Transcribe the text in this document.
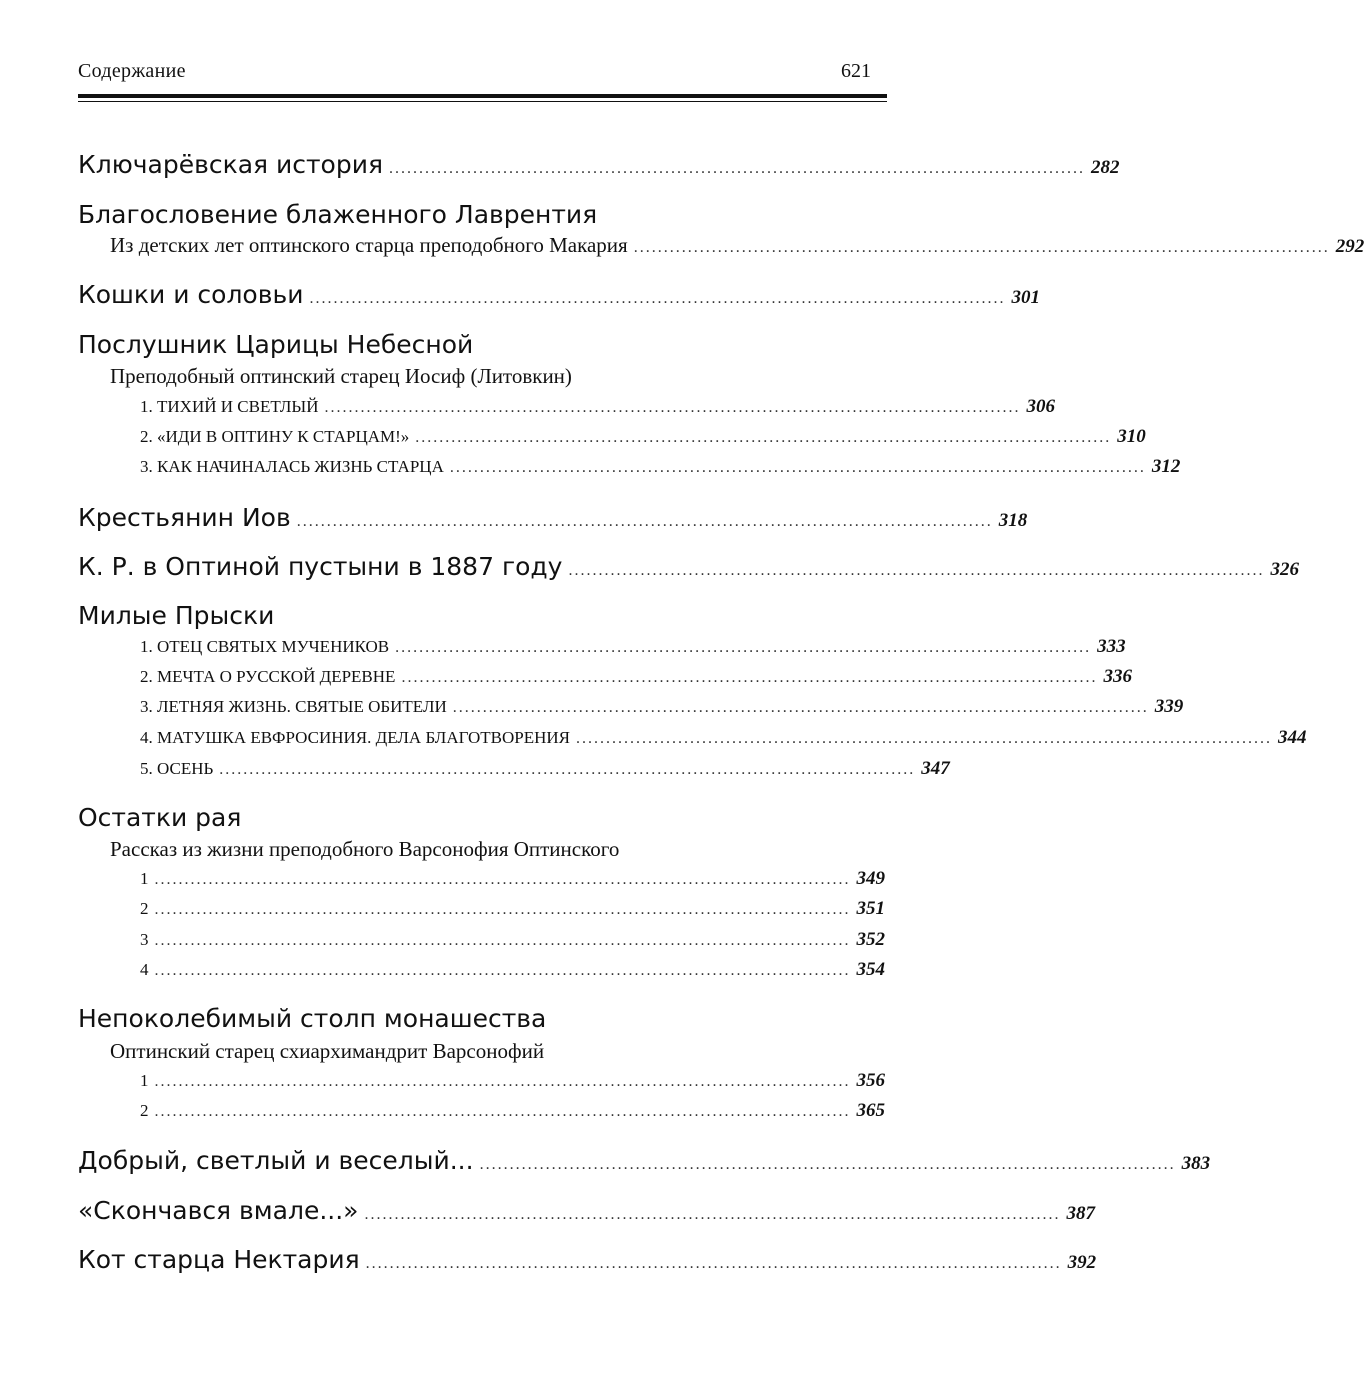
Содержание	621
Ключарёвская история .................................................................................................................... 282
Благословение блаженного Лаврентия
Из детских лет оптинского старца преподобного Макария .................................................................................................................... 292
Кошки и соловьи .................................................................................................................... 301
Послушник Царицы Небесной
Преподобный оптинский старец Иосиф (Литовкин)
1. ТИХИЙ И СВЕТЛЫЙ .................................................................................................................... 306
2. «ИДИ В ОПТИНУ К СТАРЦАМ!» .................................................................................................................... 310
3. КАК НАЧИНАЛАСЬ ЖИЗНЬ СТАРЦА .................................................................................................................... 312
Крестьянин Иов .................................................................................................................... 318
К. Р. в Оптиной пустыни в 1887 году .................................................................................................................... 326
Милые Прыски
1. ОТЕЦ СВЯТЫХ МУЧЕНИКОВ .................................................................................................................... 333
2. МЕЧТА О РУССКОЙ ДЕРЕВНЕ .................................................................................................................... 336
3. ЛЕТНЯЯ ЖИЗНЬ. СВЯТЫЕ ОБИТЕЛИ .................................................................................................................... 339
4. МАТУШКА ЕВФРОСИНИЯ. ДЕЛА БЛАГОТВОРЕНИЯ .................................................................................................................... 344
5. ОСЕНЬ .................................................................................................................... 347
Остатки рая
Рассказ из жизни преподобного Варсонофия Оптинского
1 .................................................................................................................... 349
2 .................................................................................................................... 351
3 .................................................................................................................... 352
4 .................................................................................................................... 354
Непоколебимый столп монашества
Оптинский старец схиархимандрит Варсонофий
1 .................................................................................................................... 356
2 .................................................................................................................... 365
Добрый, светлый и веселый... .................................................................................................................... 383
«Скончався вмале...» .................................................................................................................... 387
Кот старца Нектария .................................................................................................................... 392
